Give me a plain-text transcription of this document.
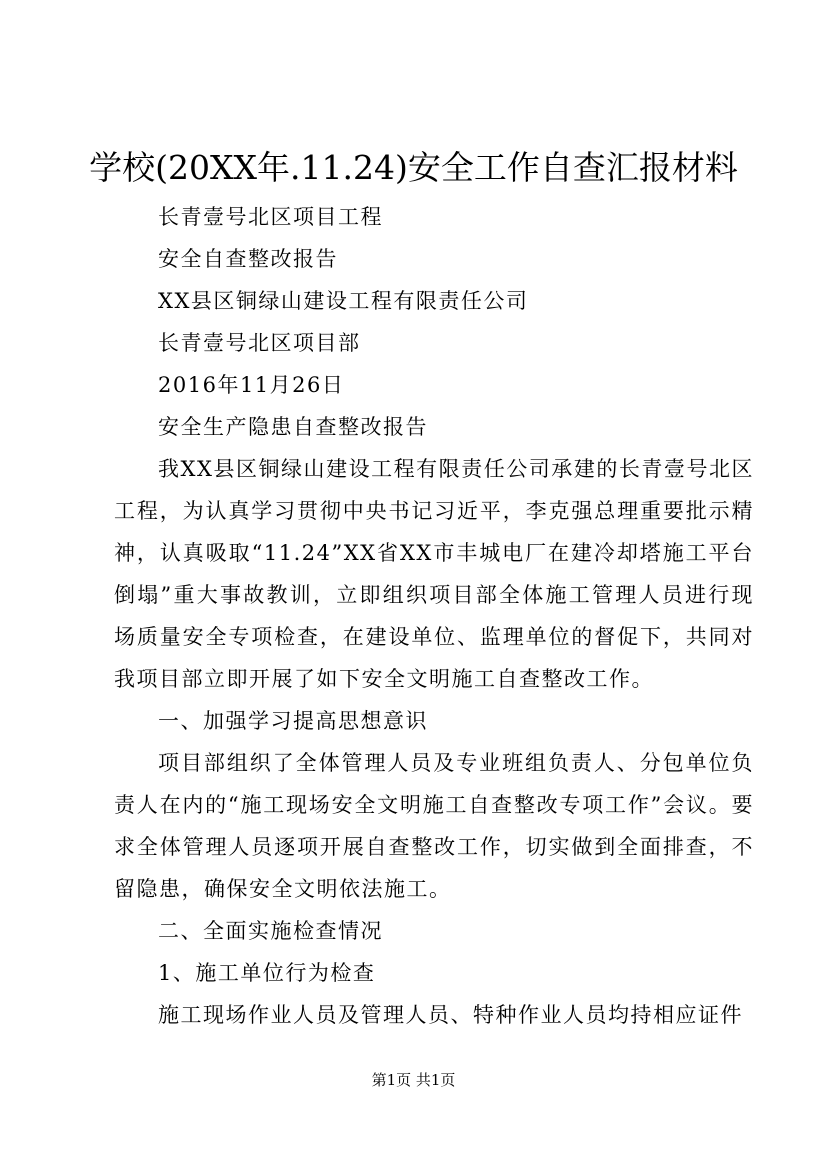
学校(20XX年.11.24)安全工作自查汇报材料

长青壹号北区项目工程

安全自查整改报告

XX县区铜绿山建设工程有限责任公司

长青壹号北区项目部

2016年11月26日

安全生产隐患自查整改报告

我XX县区铜绿山建设工程有限责任公司承建的长青壹号北区工程，为认真学习贯彻中央书记习近平，李克强总理重要批示精神，认真吸取“11.24”XX省XX市丰城电厂在建冷却塔施工平台倒塌”重大事故教训，立即组织项目部全体施工管理人员进行现场质量安全专项检查，在建设单位、监理单位的督促下，共同对我项目部立即开展了如下安全文明施工自查整改工作。

一、加强学习提高思想意识

项目部组织了全体管理人员及专业班组负责人、分包单位负责人在内的“施工现场安全文明施工自查整改专项工作”会议。要求全体管理人员逐项开展自查整改工作，切实做到全面排查，不留隐患，确保安全文明依法施工。

二、全面实施检查情况

1、施工单位行为检查

施工现场作业人员及管理人员、特种作业人员均持相应证件

第1页 共1页
